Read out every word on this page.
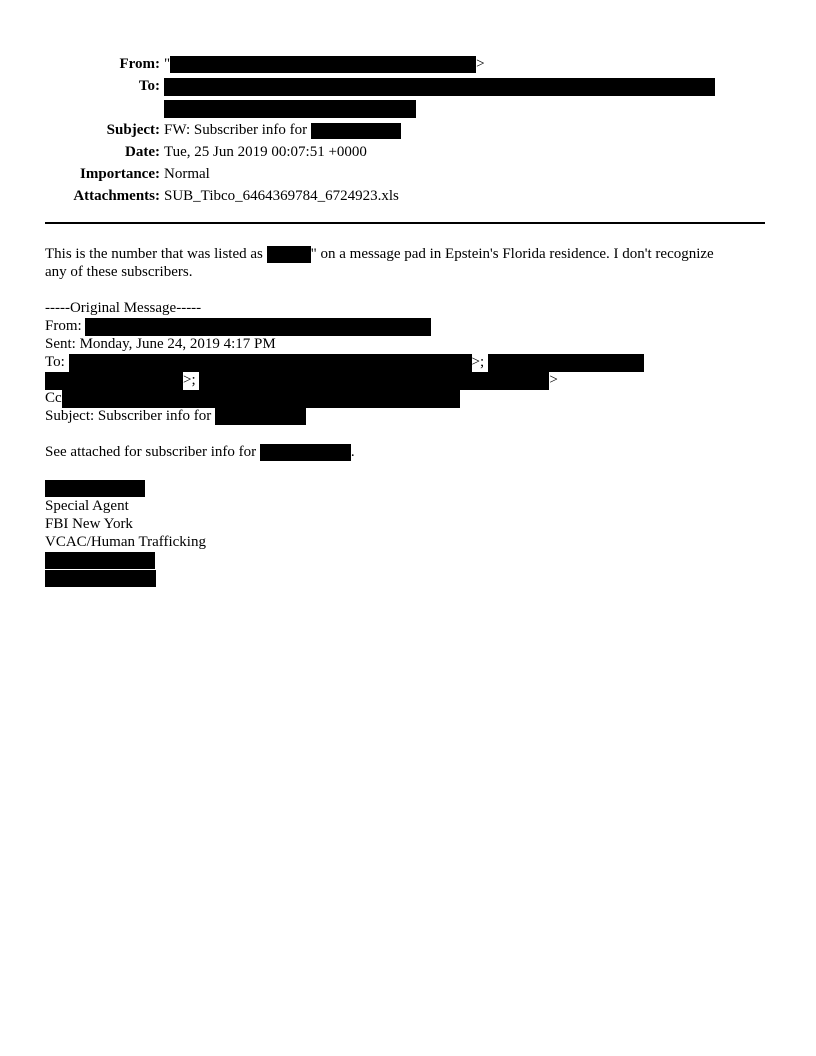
From: "	>
To:
Subject: FW: Subscriber info for
Date: Tue, 25 Jun 2019 00:07:51 +0000
Importance: Normal
Attachments: SUB_Tibco_6464369784_6724923.xls
This is the number that was listed as	" on a message pad in Epstein's Florida residence. I don't recognize
any of these subscribers.
-----Original Message-----
From:
Sent: Monday, June 24, 2019 4:17 PM
To:	>;
>;	>
Cc
Subject: Subscriber info for
See attached for subscriber info for	.
Special Agent
FBI New York
VCAC/Human Trafficking
